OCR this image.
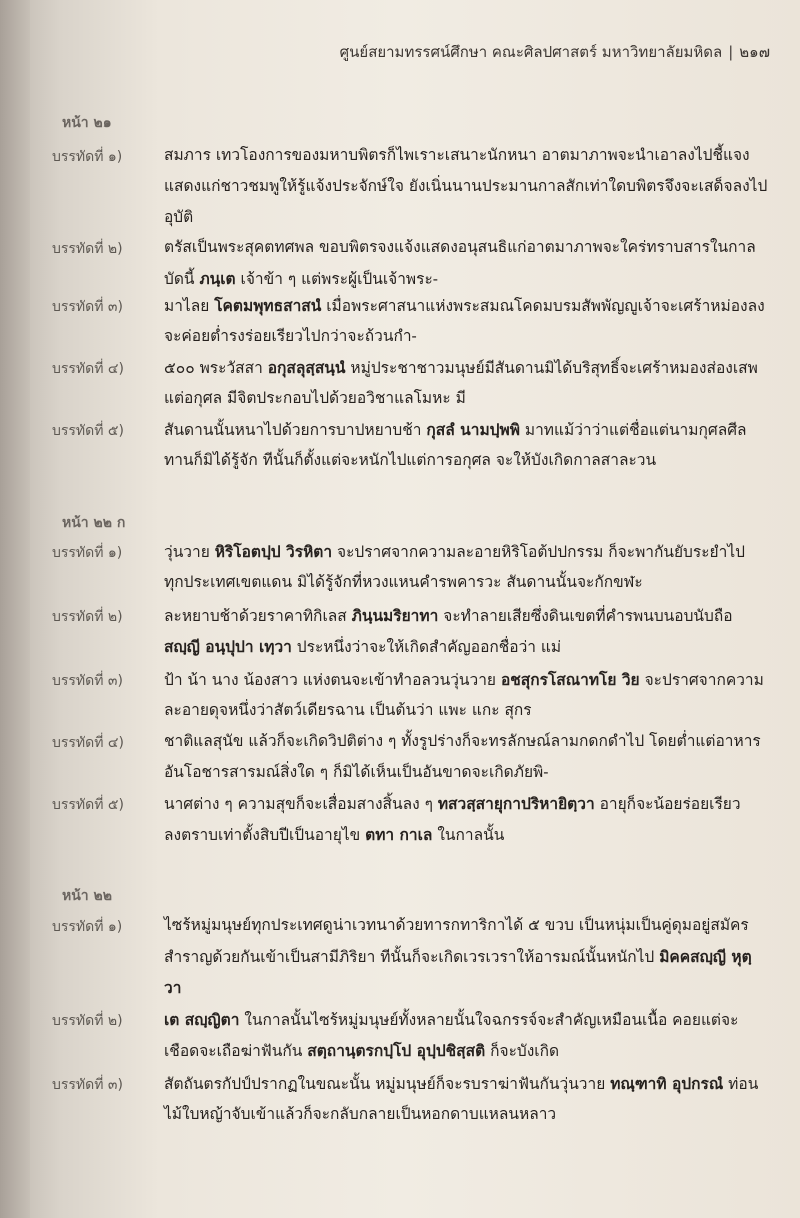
ศูนย์สยามทรรศน์ศึกษา คณะศิลปศาสตร์ มหาวิทยาลัยมหิดล | ๒๑๗
หน้า ๒๑
บรรทัดที่ ๑)	สมภาร เทวโองการของมหาบพิตรก็ไพเราะเสนาะนักหนา อาตมาภาพจะนำเอาลงไปชี้แจง
แสดงแก่ชาวชมพูให้รู้แจ้งประจักษ์ใจ ยังเนิ่นนานประมานกาลสักเท่าใดบพิตรจึงจะเสด็จลงไป
อุบัติ
บรรทัดที่ ๒)	ตรัสเป็นพระสุคตทศพล ขอบพิตรจงแจ้งแสดงอนุสนธิแก่อาตมาภาพจะใคร่ทราบสารในกาล
บัดนี้ ภนฺเต เจ้าข้า ๆ แต่พระผู้เป็นเจ้าพระ-
บรรทัดที่ ๓)	มาไลย โคตมพุทธสาสนํ เมื่อพระศาสนาแห่งพระสมณโคดมบรมสัพพัญญูเจ้าจะเศร้าหม่องลง
จะค่อยต่ำรงร่อยเรียวไปกว่าจะถ้วนกำ-
บรรทัดที่ ๔)	๕๐๐ พระวัสสา อกุสลุสฺสนฺนํ หมู่ประชาชาวมนุษย์มีสันดานมิได้บริสุทธิ์จะเศร้าหมองส่องเสพ
แต่อกุศล มีจิตประกอบไปด้วยอวิชาแลโมหะ มี
บรรทัดที่ ๕)	สันดานนั้นหนาไปด้วยการบาปหยาบช้า กุสลํ นามปฺพพิ มาทแม้ว่าว่าแต่ชื่อแต่นามกุศลศีล
ทานก็มิได้รู้จัก ทีนั้นก็ตั้งแต่จะหนักไปแต่การอกุศล จะให้บังเกิดกาลสาละวน
หน้า ๒๒ ก
บรรทัดที่ ๑)	วุ่นวาย หิริโอตปฺป วิรหิตา จะปราศจากความละอายหิริโอต้ปปกรรม ก็จะพากันยับระยำไป
ทุกประเทศเขตแดน มิได้รู้จักที่หวงแหนคำรพคารวะ สันดานนั้นจะกักขฬะ
บรรทัดที่ ๒)	ละหยาบช้าด้วยราคาทิกิเลส ภินฺนมริยาทา จะทำลายเสียซึ่งดินเขตที่คำรพนบนอบนับถือ
สญฺญี อนฺปุปา เทฺวา ประหนึ่งว่าจะให้เกิดสำคัญออกชื่อว่า แม่
บรรทัดที่ ๓)	ป้า น้า นาง น้องสาว แห่งตนจะเข้าทำอลวนวุ่นวาย อชสุกรโสณาทโย วิย จะปราศจากความ
ละอายดุจหนึ่งว่าสัตว์เดียรฉาน เป็นต้นว่า แพะ แกะ สุกร
บรรทัดที่ ๔)	ชาติแลสุนัข แล้วก็จะเกิดวิปติต่าง ๆ ทั้งรูปร่างก็จะทรลักษณ์ลามกดกดำไป โดยต่ำแต่อาหาร
อันโอชารสารมณ์สิ่งใด ๆ ก็มิได้เห็นเป็นอันขาดจะเกิดภัยพิ-
บรรทัดที่ ๕)	นาศต่าง ๆ ความสุขก็จะเสื่อมสางสิ้นลง ๆ ทสวสฺสายุกาปริหายิตฺวา อายุก็จะน้อยร่อยเรียว
ลงตราบเท่าตั้งสิบปีเป็นอายุไข ตทา กาเล ในกาลนั้น
หน้า ๒๒
บรรทัดที่ ๑)	ไซร้หมู่มนุษย์ทุกประเทศดูน่าเวทนาด้วยทารกทาริกาได้ ๕ ขวบ เป็นหนุ่มเป็นคู่ดุมอยู่สมัคร
สำราญด้วยกันเข้าเป็นสามีภิริยา ทีนั้นก็จะเกิดเวรเวราให้อารมณ์นั้นหนักไป มิคคสญฺญี หุตฺ
วา
บรรทัดที่ ๒)	เต สญฺญิตา ในกาลนั้นไซร้หมู่มนุษย์ทั้งหลายนั้นใจฉกรรจ์จะสำคัญเหมือนเนื้อ คอยแต่จะ
เชือดจะเถือฆ่าฟันกัน สตฺถานฺตรกปฺโป อุปฺปชิสฺสติ ก็จะบังเกิด
บรรทัดที่ ๓)	สัตถันตรกัปป์ปรากฏในขณะนั้น หมู่มนุษย์ก็จะรบราฆ่าฟันกันวุ่นวาย ทณฺฑาทิ อุปกรณํ ท่อน
ไม้ใบหญ้าจับเข้าแล้วก็จะกลับกลายเป็นหอกดาบแหลนหลาว
